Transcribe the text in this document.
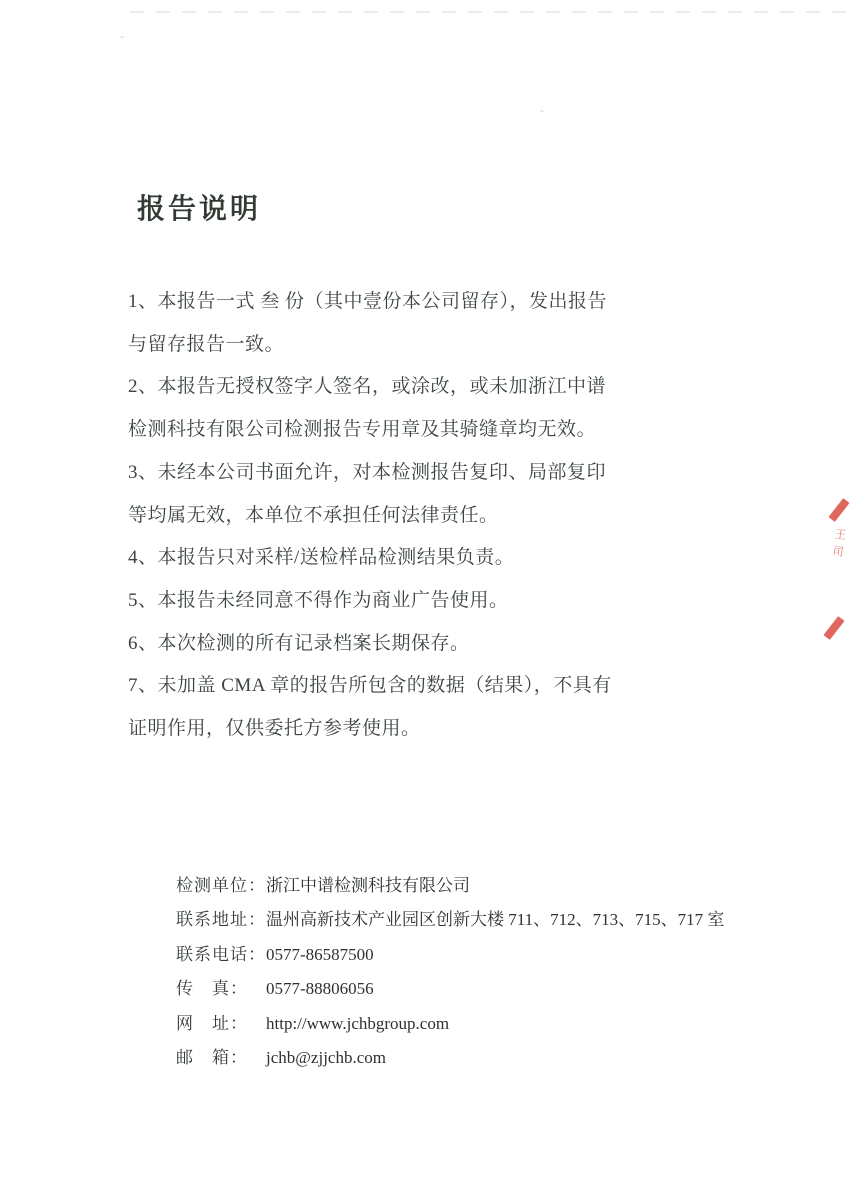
报告说明

1、本报告一式 叁 份（其中壹份本公司留存），发出报告与留存报告一致。

2、本报告无授权签字人签名，或涂改，或未加浙江中谱检测科技有限公司检测报告专用章及其骑缝章均无效。

3、未经本公司书面允许，对本检测报告复印、局部复印等均属无效，本单位不承担任何法律责任。

4、本报告只对采样/送检样品检测结果负责。

5、本报告未经同意不得作为商业广告使用。

6、本次检测的所有记录档案长期保存。

7、未加盖 CMA 章的报告所包含的数据（结果），不具有证明作用，仅供委托方参考使用。

检测单位：浙江中谱检测科技有限公司
联系地址：温州高新技术产业园区创新大楼 711、712、713、715、717 室
联系电话：0577-86587500
传　真： 0577-88806056
网　址： http://www.jchbgroup.com
邮　箱： jchb@zjjchb.com
王司
